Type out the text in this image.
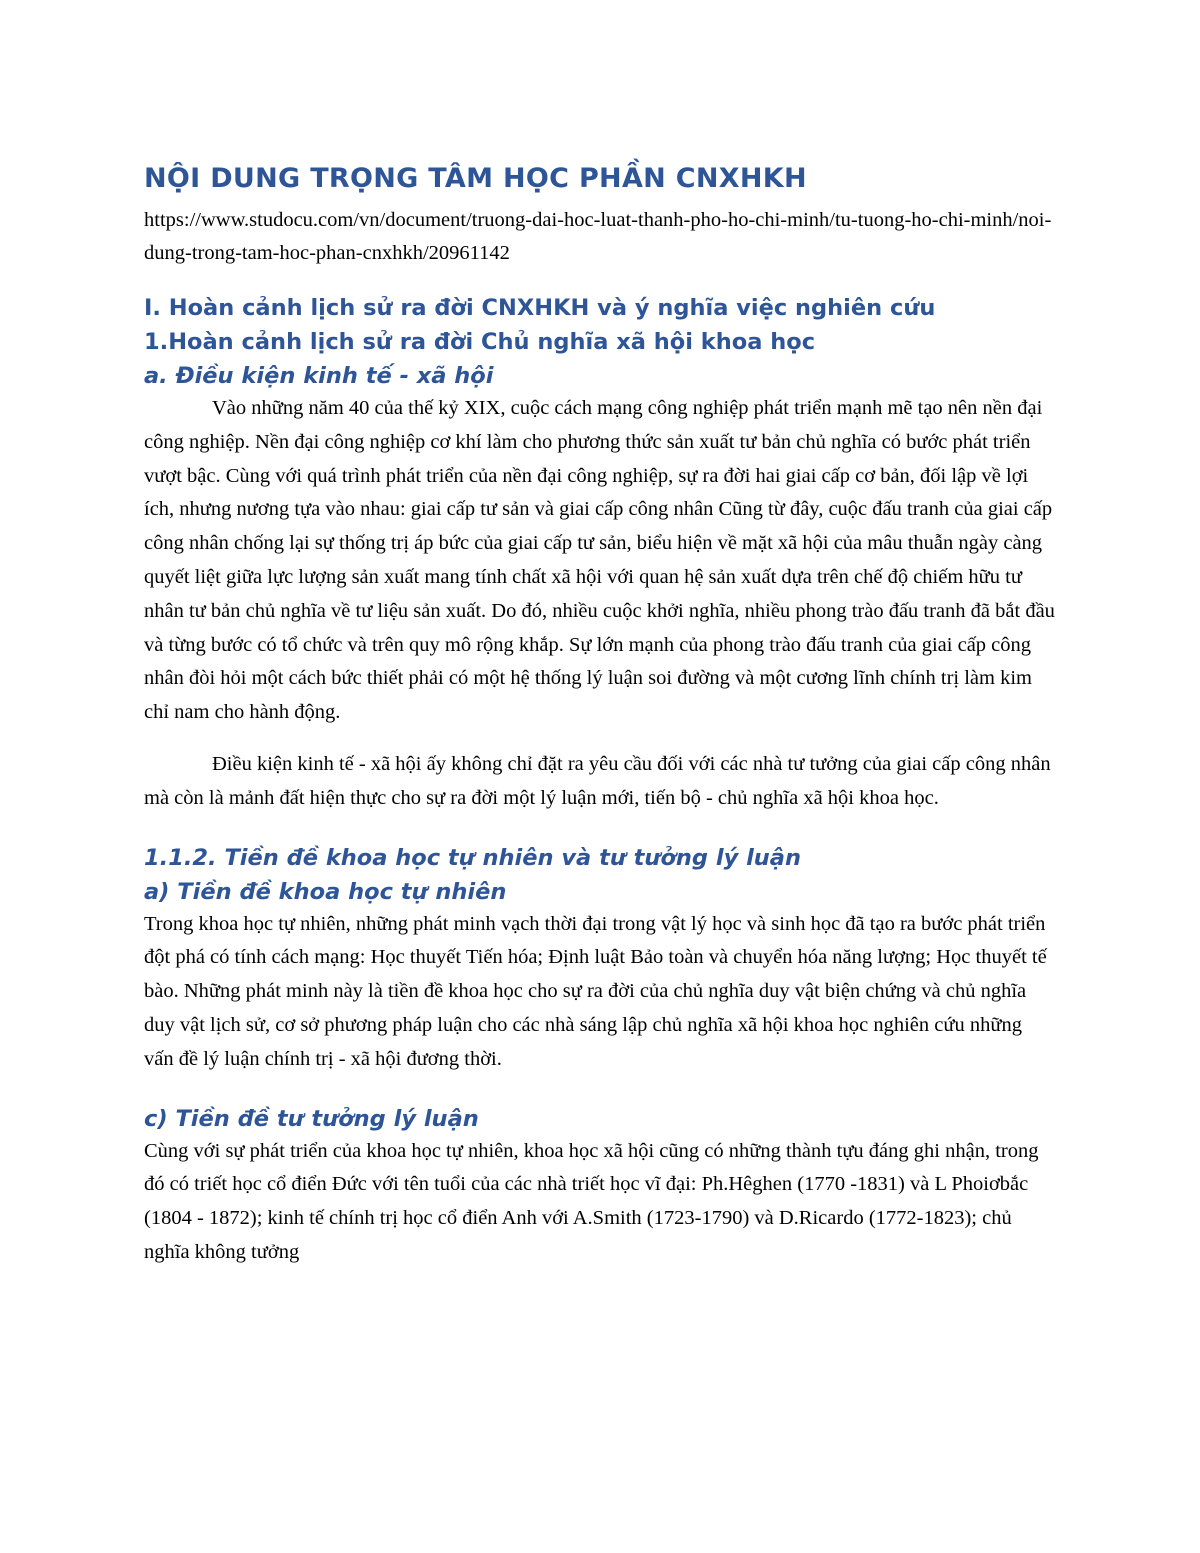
NỘI DUNG TRỌNG TÂM HỌC PHẦN CNXHKH

https://www.studocu.com/vn/document/truong-dai-hoc-luat-thanh-pho-ho-chi-minh/tu-tuong-ho-chi-minh/noi-dung-trong-tam-hoc-phan-cnxhkh/20961142

I. Hoàn cảnh lịch sử ra đời CNXHKH và ý nghĩa việc nghiên cứu
1.Hoàn cảnh lịch sử ra đời Chủ nghĩa xã hội khoa học
a. Điều kiện kinh tế - xã hội

Vào những năm 40 của thế kỷ XIX, cuộc cách mạng công nghiệp phát triển mạnh mẽ tạo nên nền đại công nghiệp. Nền đại công nghiệp cơ khí làm cho phương thức sản xuất tư bản chủ nghĩa có bước phát triển vượt bậc. Cùng với quá trình phát triển của nền đại công nghiệp, sự ra đời hai giai cấp cơ bản, đối lập về lợi ích, nhưng nương tựa vào nhau: giai cấp tư sản và giai cấp công nhân Cũng từ đây, cuộc đấu tranh của giai cấp công nhân chống lại sự thống trị áp bức của giai cấp tư sản, biểu hiện về mặt xã hội của mâu thuẫn ngày càng quyết liệt giữa lực lượng sản xuất mang tính chất xã hội với quan hệ sản xuất dựa trên chế độ chiếm hữu tư nhân tư bản chủ nghĩa về tư liệu sản xuất. Do đó, nhiều cuộc khởi nghĩa, nhiều phong trào đấu tranh đã bắt đầu và từng bước có tổ chức và trên quy mô rộng khắp. Sự lớn mạnh của phong trào đấu tranh của giai cấp công nhân đòi hỏi một cách bức thiết phải có một hệ thống lý luận soi đường và một cương lĩnh chính trị làm kim chỉ nam cho hành động.

Điều kiện kinh tế - xã hội ấy không chỉ đặt ra yêu cầu đối với các nhà tư tưởng của giai cấp công nhân mà còn là mảnh đất hiện thực cho sự ra đời một lý luận mới, tiến bộ - chủ nghĩa xã hội khoa học.

1.1.2. Tiền đề khoa học tự nhiên và tư tưởng lý luận
a) Tiền đề khoa học tự nhiên

Trong khoa học tự nhiên, những phát minh vạch thời đại trong vật lý học và sinh học đã tạo ra bước phát triển đột phá có tính cách mạng: Học thuyết Tiến hóa; Định luật Bảo toàn và chuyển hóa năng lượng; Học thuyết tế bào. Những phát minh này là tiền đề khoa học cho sự ra đời của chủ nghĩa duy vật biện chứng và chủ nghĩa duy vật lịch sử, cơ sở phương pháp luận cho các nhà sáng lập chủ nghĩa xã hội khoa học nghiên cứu những vấn đề lý luận chính trị - xã hội đương thời.

c) Tiền đề tư tưởng lý luận

Cùng với sự phát triển của khoa học tự nhiên, khoa học xã hội cũng có những thành tựu đáng ghi nhận, trong đó có triết học cổ điển Đức với tên tuổi của các nhà triết học vĩ đại: Ph.Hêghen (1770 -1831) và L Phoiơbắc (1804 - 1872); kinh tế chính trị học cổ điển Anh với A.Smith (1723-1790) và D.Ricardo (1772-1823); chủ nghĩa không tưởng
